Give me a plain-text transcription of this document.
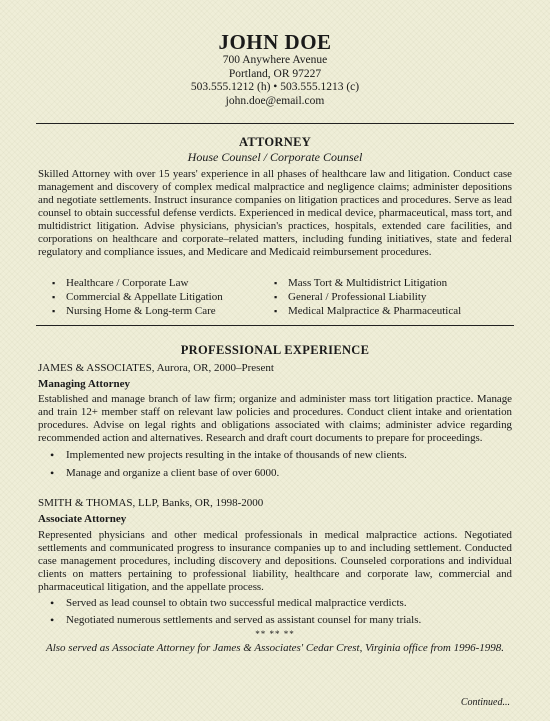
JOHN DOE
700 Anywhere Avenue
Portland, OR 97227
503.555.1212 (h) • 503.555.1213 (c)
john.doe@email.com
ATTORNEY
House Counsel / Corporate Counsel

Skilled Attorney with over 15 years' experience in all phases of healthcare law and litigation. Conduct case management and discovery of complex medical malpractice and negligence claims; administer depositions and negotiate settlements. Instruct insurance companies on litigation practices and procedures. Serve as lead counsel to obtain successful defense verdicts. Experienced in medical device, pharmaceutical, mass tort, and multidistrict litigation. Advise physicians, physician's practices, hospitals, extended care facilities, and corporations on healthcare and corporate–related matters, including funding initiatives, state and federal regulatory and compliance issues, and Medicare and Medicaid reimbursement procedures.

▪ Healthcare / Corporate Law
▪ Commercial & Appellate Litigation
▪ Nursing Home & Long-term Care
▪ Mass Tort & Multidistrict Litigation
▪ General / Professional Liability
▪ Medical Malpractice & Pharmaceutical
PROFESSIONAL EXPERIENCE
JAMES & ASSOCIATES, Aurora, OR, 2000–Present
Managing Attorney

Established and manage branch of law firm; organize and administer mass tort litigation practice. Manage and train 12+ member staff on relevant law policies and procedures. Conduct client intake and orientation procedures. Advise on legal rights and obligations associated with claims; administer advice regarding recommended action and alternatives. Research and draft court documents to prepare for proceedings.

• Implemented new projects resulting in the intake of thousands of new clients.
• Manage and organize a client base of over 6000.
SMITH & THOMAS, LLP, Banks, OR, 1998-2000
Associate Attorney

Represented physicians and other medical professionals in medical malpractice actions. Negotiated settlements and communicated progress to insurance companies up to and including settlement. Conducted case management procedures, including discovery and depositions. Counseled corporations and individual clients on matters pertaining to professional liability, healthcare and corporate law, commercial and pharmaceutical litigation, and the appellate process.

• Served as lead counsel to obtain two successful medical malpractice verdicts.
• Negotiated numerous settlements and served as assistant counsel for many trials.
** ** **
Also served as Associate Attorney for James & Associates' Cedar Crest, Virginia office from 1996-1998.
Continued...
